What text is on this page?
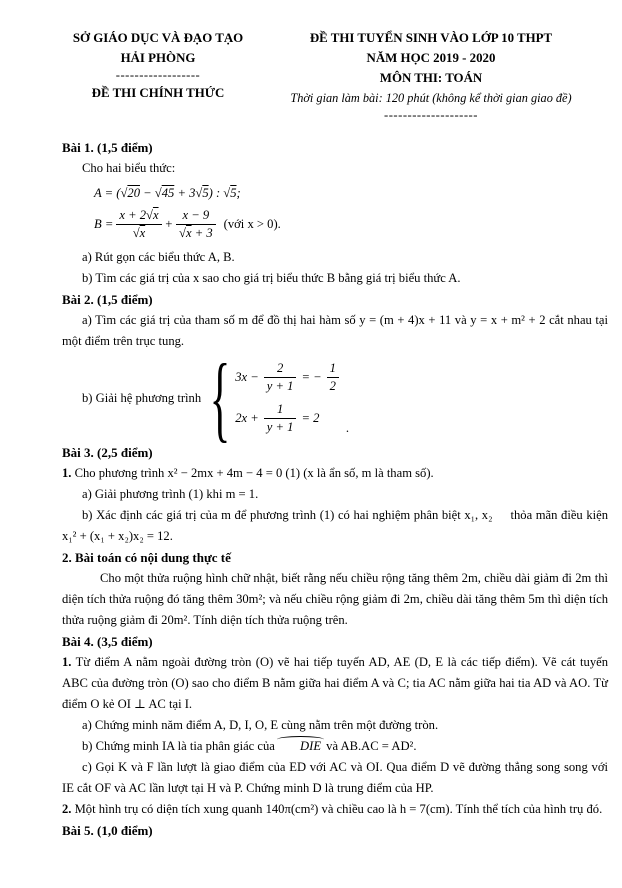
SỞ GIÁO DỤC VÀ ĐẠO TẠO
HẢI PHÒNG
------------------
ĐỀ THI CHÍNH THỨC
ĐỀ THI TUYỂN SINH VÀO LỚP 10 THPT
NĂM HỌC 2019 - 2020
MÔN THI: TOÁN
Thời gian làm bài: 120 phút (không kể thời gian giao đề)
--------------------

Bài 1. (1,5 điểm)

Cho hai biểu thức:

A = (√20 − √45 + 3√5) : √5;
$B = \frac{x + 2√x}{√x} + \frac{x - 9}{√x + 3}$ (với x > 0).

a) Rút gọn các biểu thức A, B.

b) Tìm các giá trị của x sao cho giá trị biểu thức B bằng giá trị biểu thức A.

Bài 2. (1,5 điểm)

a) Tìm các giá trị của tham số m để đồ thị hai hàm số y = (m + 4)x + 11 và y = x + m² + 2 cắt nhau tại một điểm trên trục tung.

b) Giải hệ phương trình { $3x - \frac{2}{y + 1}$ = − $\frac{1}{2}$
$2x + \frac{1}{y + 1} = 2$
.

Bài 3. (2,5 điểm)

1. Cho phương trình x² − 2mx + 4m − 4 = 0 (1) (x là ẩn số, m là tham số).

a) Giải phương trình (1) khi m = 1.

b) Xác định các giá trị của m để phương trình (1) có hai nghiệm phân biệt x₁, x₂     thỏa mãn điều kiện x₁² + (x₁ + x₂)x₂ = 12.

2. Bài toán có nội dung thực tế

Cho một thửa ruộng hình chữ nhật, biết rằng nếu chiều rộng tăng thêm 2m, chiều dài giảm đi 2m thì diện tích thửa ruộng đó tăng thêm 30m²; và nếu chiều rộng giảm đi 2m, chiều dài tăng thêm 5m thì diện tích thửa ruộng giảm đi 20m². Tính diện tích thửa ruộng trên.

Bài 4. (3,5 điểm)

1. Từ điểm A nằm ngoài đường tròn (O) vẽ hai tiếp tuyến AD, AE (D, E là các tiếp điểm). Vẽ cát tuyến ABC của đường tròn (O) sao cho điểm B nằm giữa hai điểm A và C; tia AC nằm giữa hai tia AD và AO. Từ điểm O kẻ OI ⊥ AC tại I.

a) Chứng minh năm điểm A, D, I, O, E cùng nằm trên một đường tròn.

b) Chứng minh IA là tia phân giác của DIE và AB.AC = AD².

c) Gọi K và F lần lượt là giao điểm của ED với AC và OI. Qua điểm D vẽ đường thẳng song song với IE cắt OF và AC lần lượt tại H và P. Chứng minh D là trung điểm của HP.

2. Một hình trụ có diện tích xung quanh 140π(cm²) và chiều cao là h = 7(cm). Tính thể tích của hình trụ đó.

Bài 5. (1,0 điểm)
